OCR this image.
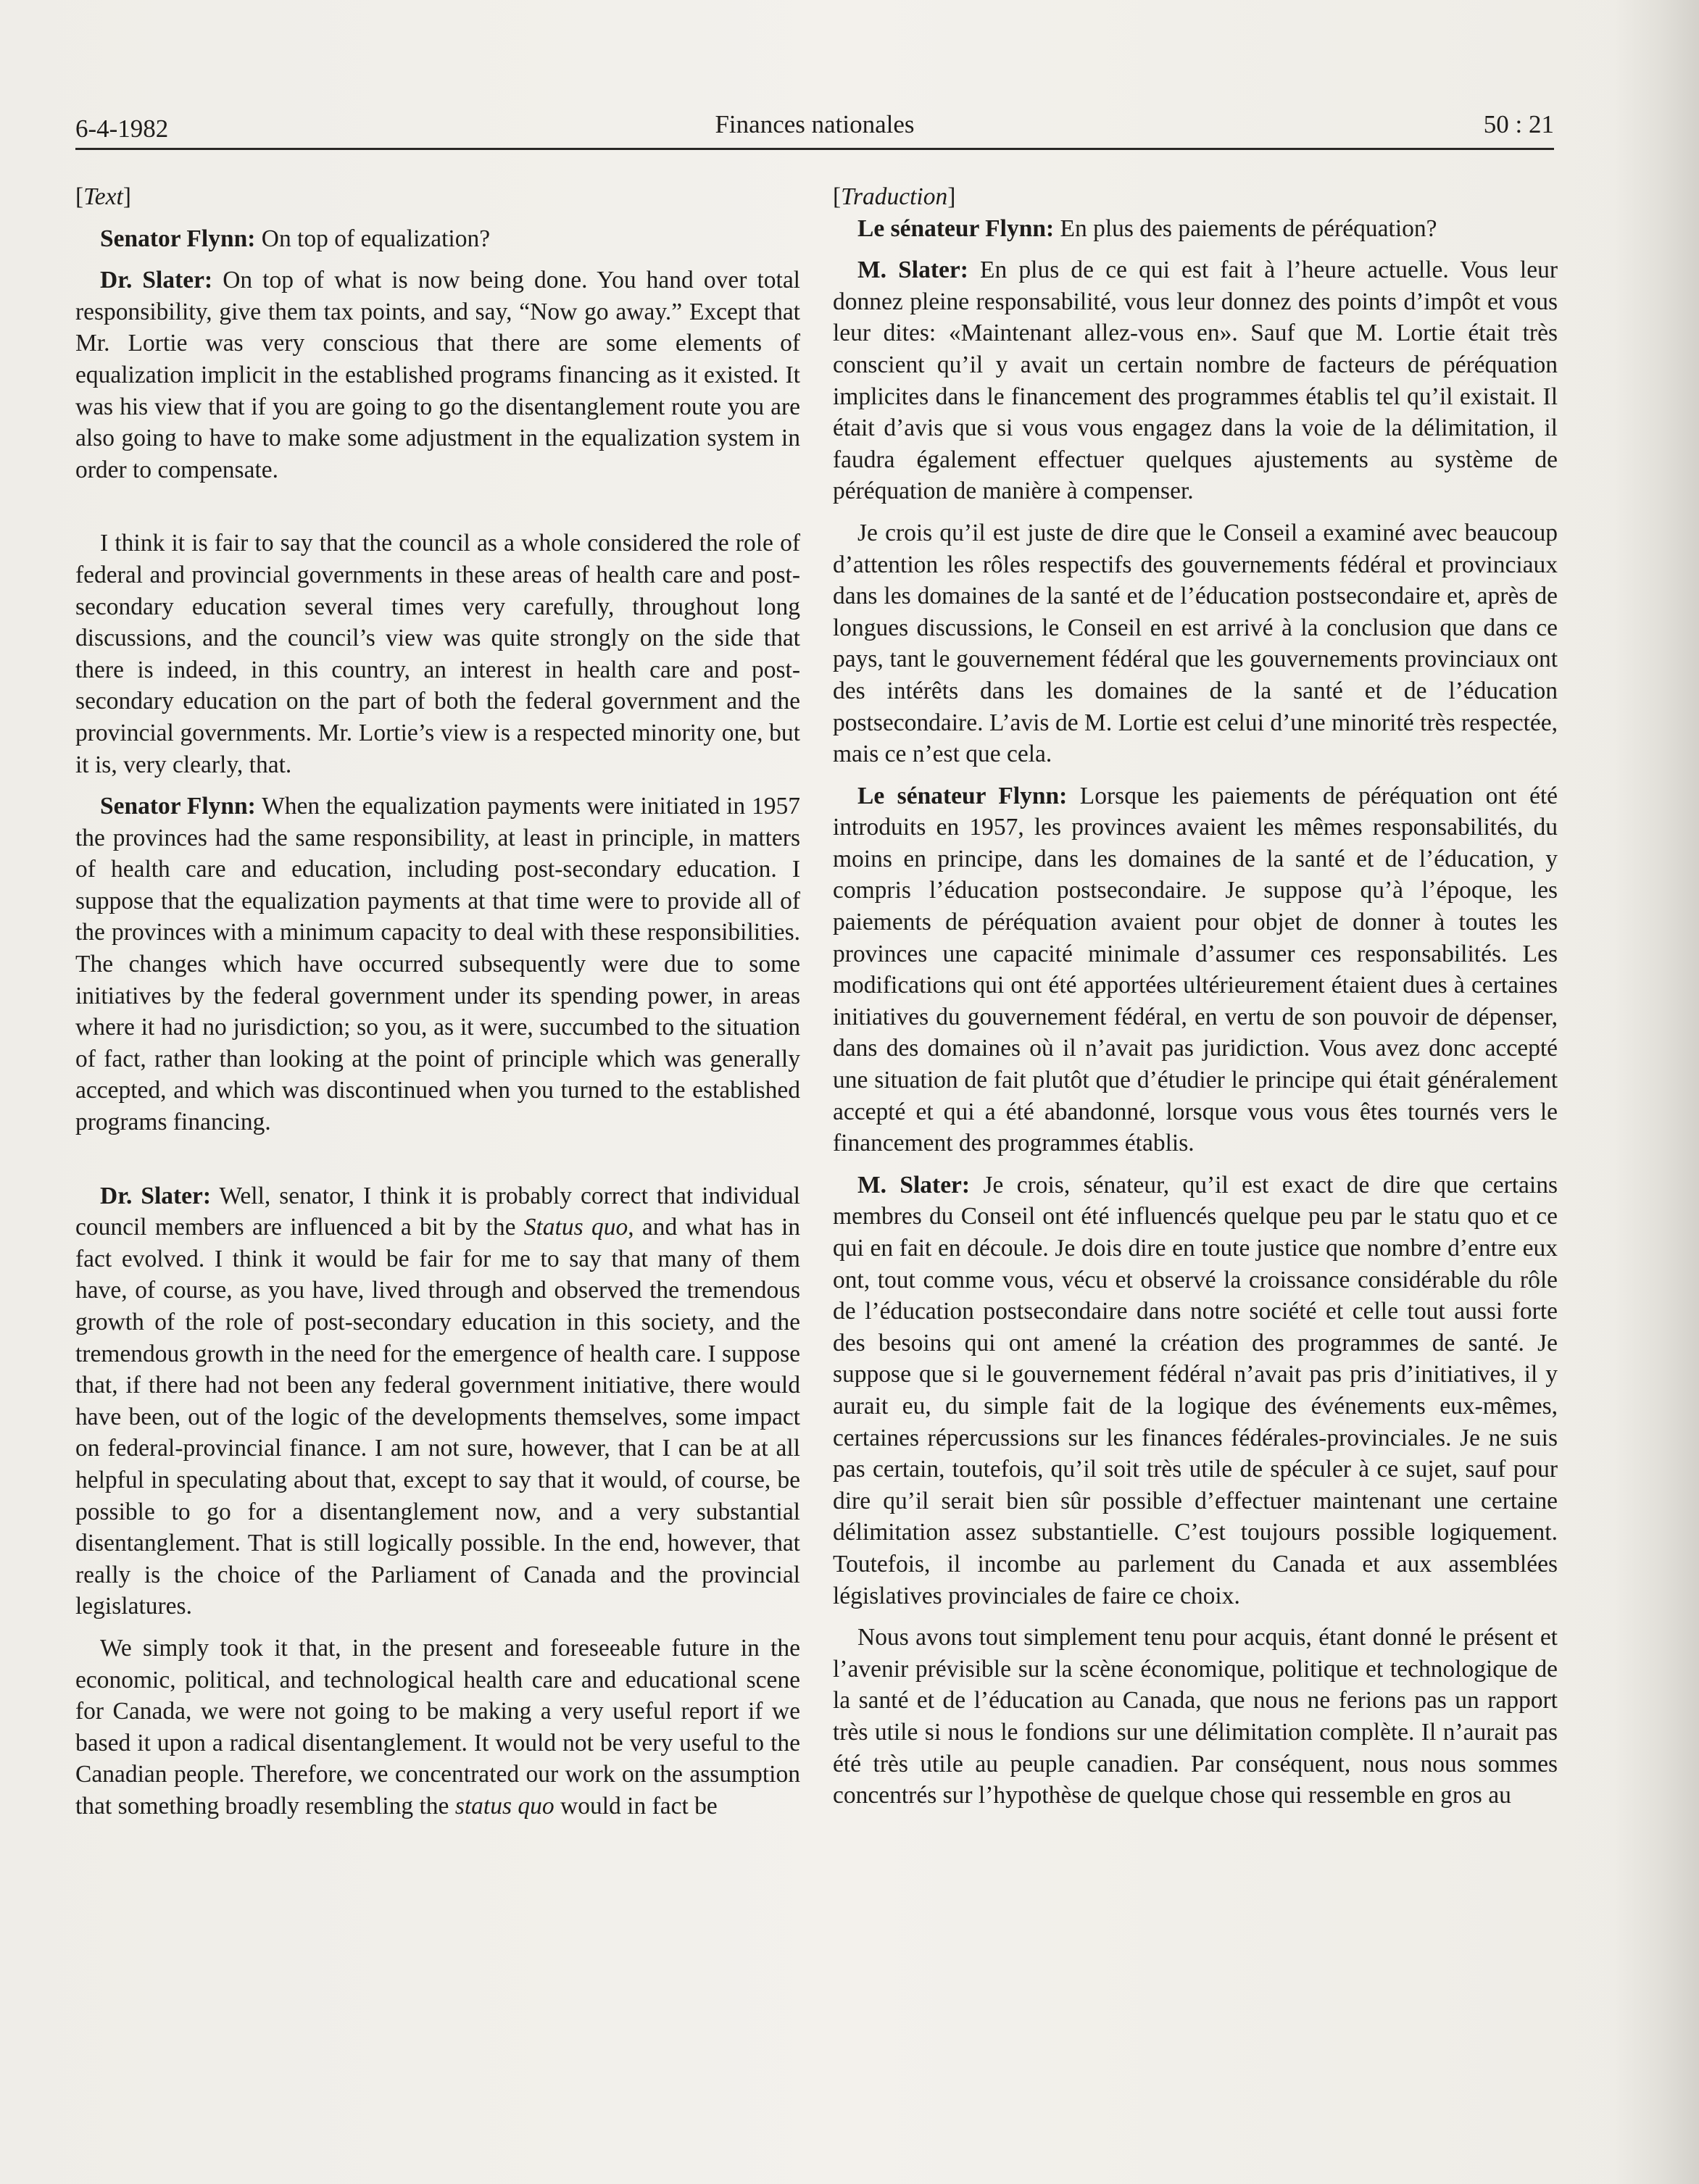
6-4-1982	Finances nationales	50 : 21

[Text]

Senator Flynn: On top of equalization?

Dr. Slater: On top of what is now being done. You hand over total responsibility, give them tax points, and say, “Now go away.” Except that Mr. Lortie was very conscious that there are some elements of equalization implicit in the established programs financing as it existed. It was his view that if you are going to go the disentanglement route you are also going to have to make some adjustment in the equalization system in order to compensate.

I think it is fair to say that the council as a whole considered the role of federal and provincial governments in these areas of health care and post-secondary education several times very carefully, throughout long discussions, and the council’s view was quite strongly on the side that there is indeed, in this country, an interest in health care and post-secondary education on the part of both the federal government and the provincial governments. Mr. Lortie’s view is a respected minority one, but it is, very clearly, that.

Senator Flynn: When the equalization payments were initiated in 1957 the provinces had the same responsibility, at least in principle, in matters of health care and education, including post-secondary education. I suppose that the equalization payments at that time were to provide all of the provinces with a minimum capacity to deal with these responsibilities. The changes which have occurred subsequently were due to some initiatives by the federal government under its spending power, in areas where it had no jurisdiction; so you, as it were, succumbed to the situation of fact, rather than looking at the point of principle which was generally accepted, and which was discontinued when you turned to the established programs financing.

Dr. Slater: Well, senator, I think it is probably correct that individual council members are influenced a bit by the Status quo, and what has in fact evolved. I think it would be fair for me to say that many of them have, of course, as you have, lived through and observed the tremendous growth of the role of post-secondary education in this society, and the tremendous growth in the need for the emergence of health care. I suppose that, if there had not been any federal government initiative, there would have been, out of the logic of the developments themselves, some impact on federal-provincial finance. I am not sure, however, that I can be at all helpful in speculating about that, except to say that it would, of course, be possible to go for a disentanglement now, and a very substantial disentanglement. That is still logically possible. In the end, however, that really is the choice of the Parliament of Canada and the provincial legislatures.

We simply took it that, in the present and foreseeable future in the economic, political, and technological health care and educational scene for Canada, we were not going to be making a very useful report if we based it upon a radical disentanglement. It would not be very useful to the Canadian people. Therefore, we concentrated our work on the assumption that something broadly resembling the status quo would in fact be

[Traduction]

Le sénateur Flynn: En plus des paiements de péréquation?

M. Slater: En plus de ce qui est fait à l’heure actuelle. Vous leur donnez pleine responsabilité, vous leur donnez des points d’impôt et vous leur dites: «Maintenant allez-vous en». Sauf que M. Lortie était très conscient qu’il y avait un certain nombre de facteurs de péréquation implicites dans le financement des programmes établis tel qu’il existait. Il était d’avis que si vous vous engagez dans la voie de la délimitation, il faudra également effectuer quelques ajustements au système de péréquation de manière à compenser.

Je crois qu’il est juste de dire que le Conseil a examiné avec beaucoup d’attention les rôles respectifs des gouvernements fédéral et provinciaux dans les domaines de la santé et de l’éducation postsecondaire et, après de longues discussions, le Conseil en est arrivé à la conclusion que dans ce pays, tant le gouvernement fédéral que les gouvernements provinciaux ont des intérêts dans les domaines de la santé et de l’éducation postsecondaire. L’avis de M. Lortie est celui d’une minorité très respectée, mais ce n’est que cela.

Le sénateur Flynn: Lorsque les paiements de péréquation ont été introduits en 1957, les provinces avaient les mêmes responsabilités, du moins en principe, dans les domaines de la santé et de l’éducation, y compris l’éducation postsecondaire. Je suppose qu’à l’époque, les paiements de péréquation avaient pour objet de donner à toutes les provinces une capacité minimale d’assumer ces responsabilités. Les modifications qui ont été apportées ultérieurement étaient dues à certaines initiatives du gouvernement fédéral, en vertu de son pouvoir de dépenser, dans des domaines où il n’avait pas juridiction. Vous avez donc accepté une situation de fait plutôt que d’étudier le principe qui était généralement accepté et qui a été abandonné, lorsque vous vous êtes tournés vers le financement des programmes établis.

M. Slater: Je crois, sénateur, qu’il est exact de dire que certains membres du Conseil ont été influencés quelque peu par le statu quo et ce qui en fait en découle. Je dois dire en toute justice que nombre d’entre eux ont, tout comme vous, vécu et observé la croissance considérable du rôle de l’éducation postsecondaire dans notre société et celle tout aussi forte des besoins qui ont amené la création des programmes de santé. Je suppose que si le gouvernement fédéral n’avait pas pris d’initiatives, il y aurait eu, du simple fait de la logique des événements eux-mêmes, certaines répercussions sur les finances fédérales-provinciales. Je ne suis pas certain, toutefois, qu’il soit très utile de spéculer à ce sujet, sauf pour dire qu’il serait bien sûr possible d’effectuer maintenant une certaine délimitation assez substantielle. C’est toujours possible logiquement. Toutefois, il incombe au parlement du Canada et aux assemblées législatives provinciales de faire ce choix.

Nous avons tout simplement tenu pour acquis, étant donné le présent et l’avenir prévisible sur la scène économique, politique et technologique de la santé et de l’éducation au Canada, que nous ne ferions pas un rapport très utile si nous le fondions sur une délimitation complète. Il n’aurait pas été très utile au peuple canadien. Par conséquent, nous nous sommes concentrés sur l’hypothèse de quelque chose qui ressemble en gros au
